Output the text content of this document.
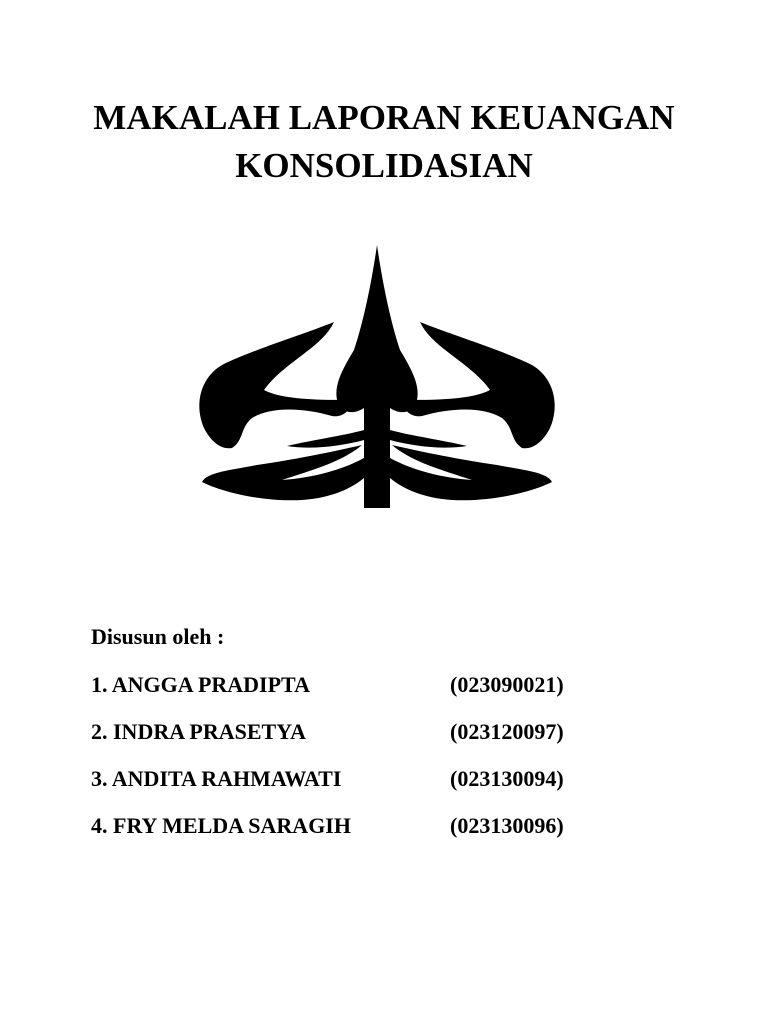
MAKALAH LAPORAN KEUANGAN
KONSOLIDASIAN
Disusun oleh :
1. ANGGA PRADIPTA	(023090021)
2. INDRA PRASETYA	(023120097)
3. ANDITA RAHMAWATI	(023130094)
4. FRY MELDA SARAGIH	(023130096)
